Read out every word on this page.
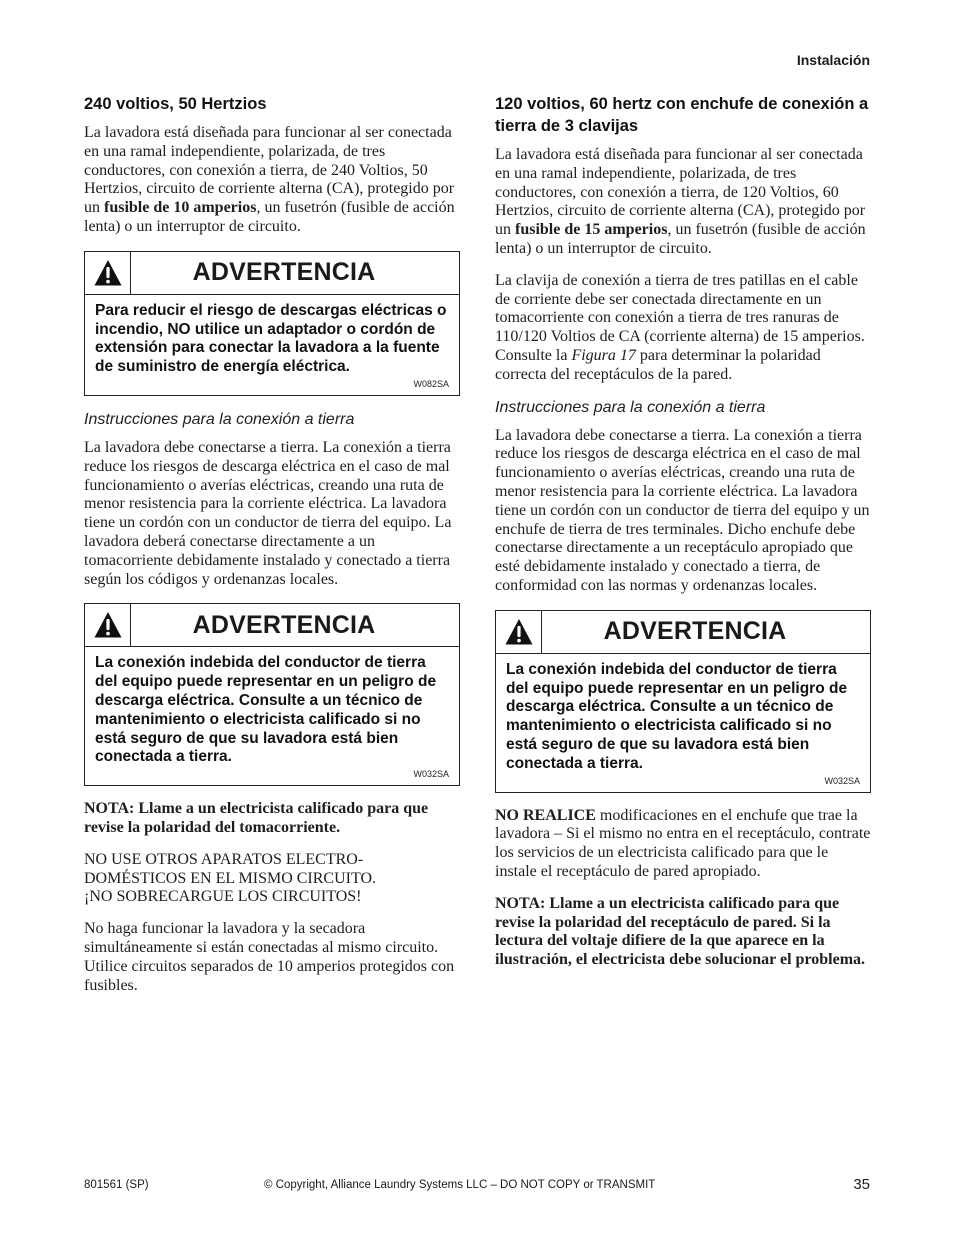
Instalación
240 voltios, 50 Hertzios

La lavadora está diseñada para funcionar al ser conectada en una ramal independiente, polarizada, de tres conductores, con conexión a tierra, de 240 Voltios, 50 Hertzios, circuito de corriente alterna (CA), protegido por un fusible de 10 amperios, un fusetrón (fusible de acción lenta) o un interruptor de circuito.

ADVERTENCIA
Para reducir el riesgo de descargas eléctricas o incendio, NO utilice un adaptador o cordón de extensión para conectar la lavadora a la fuente de suministro de energía eléctrica.
W082SA
Instrucciones para la conexión a tierra

La lavadora debe conectarse a tierra. La conexión a tierra reduce los riesgos de descarga eléctrica en el caso de mal funcionamiento o averías eléctricas, creando una ruta de menor resistencia para la corriente eléctrica. La lavadora tiene un cordón con un conductor de tierra del equipo. La lavadora deberá conectarse directamente a un tomacorriente debidamente instalado y conectado a tierra según los códigos y ordenanzas locales.

ADVERTENCIA
La conexión indebida del conductor de tierra del equipo puede representar en un peligro de descarga eléctrica. Consulte a un técnico de mantenimiento o electricista calificado si no está seguro de que su lavadora está bien conectada a tierra.
W032SA

NOTA: Llame a un electricista calificado para que revise la polaridad del tomacorriente.

NO USE OTROS APARATOS ELECTRO-
DOMÉSTICOS EN EL MISMO CIRCUITO.
¡NO SOBRECARGUE LOS CIRCUITOS!

No haga funcionar la lavadora y la secadora simultáneamente si están conectadas al mismo circuito. Utilice circuitos separados de 10 amperios protegidos con fusibles.

120 voltios, 60 hertz con enchufe de conexión a tierra de 3 clavijas

La lavadora está diseñada para funcionar al ser conectada en una ramal independiente, polarizada, de tres conductores, con conexión a tierra, de 120 Voltios, 60 Hertzios, circuito de corriente alterna (CA), protegido por un fusible de 15 amperios, un fusetrón (fusible de acción lenta) o un interruptor de circuito.

La clavija de conexión a tierra de tres patillas en el cable de corriente debe ser conectada directamente en un tomacorriente con conexión a tierra de tres ranuras de 110/120 Voltios de CA (corriente alterna) de 15 amperios. Consulte la Figura 17 para determinar la polaridad correcta del receptáculos de la pared.

Instrucciones para la conexión a tierra

La lavadora debe conectarse a tierra. La conexión a tierra reduce los riesgos de descarga eléctrica en el caso de mal funcionamiento o averías eléctricas, creando una ruta de menor resistencia para la corriente eléctrica. La lavadora tiene un cordón con un conductor de tierra del equipo y un enchufe de tierra de tres terminales. Dicho enchufe debe conectarse directamente a un receptáculo apropiado que esté debidamente instalado y conectado a tierra, de conformidad con las normas y ordenanzas locales.

ADVERTENCIA
La conexión indebida del conductor de tierra del equipo puede representar en un peligro de descarga eléctrica. Consulte a un técnico de mantenimiento o electricista calificado si no está seguro de que su lavadora está bien conectada a tierra.
W032SA

NO REALICE modificaciones en el enchufe que trae la lavadora – Si el mismo no entra en el receptáculo, contrate los servicios de un electricista calificado para que le instale el receptáculo de pared apropiado.

NOTA: Llame a un electricista calificado para que revise la polaridad del receptáculo de pared. Si la lectura del voltaje difiere de la que aparece en la ilustración, el electricista debe solucionar el problema.

801561 (SP)	© Copyright, Alliance Laundry Systems LLC – DO NOT COPY or TRANSMIT	35
